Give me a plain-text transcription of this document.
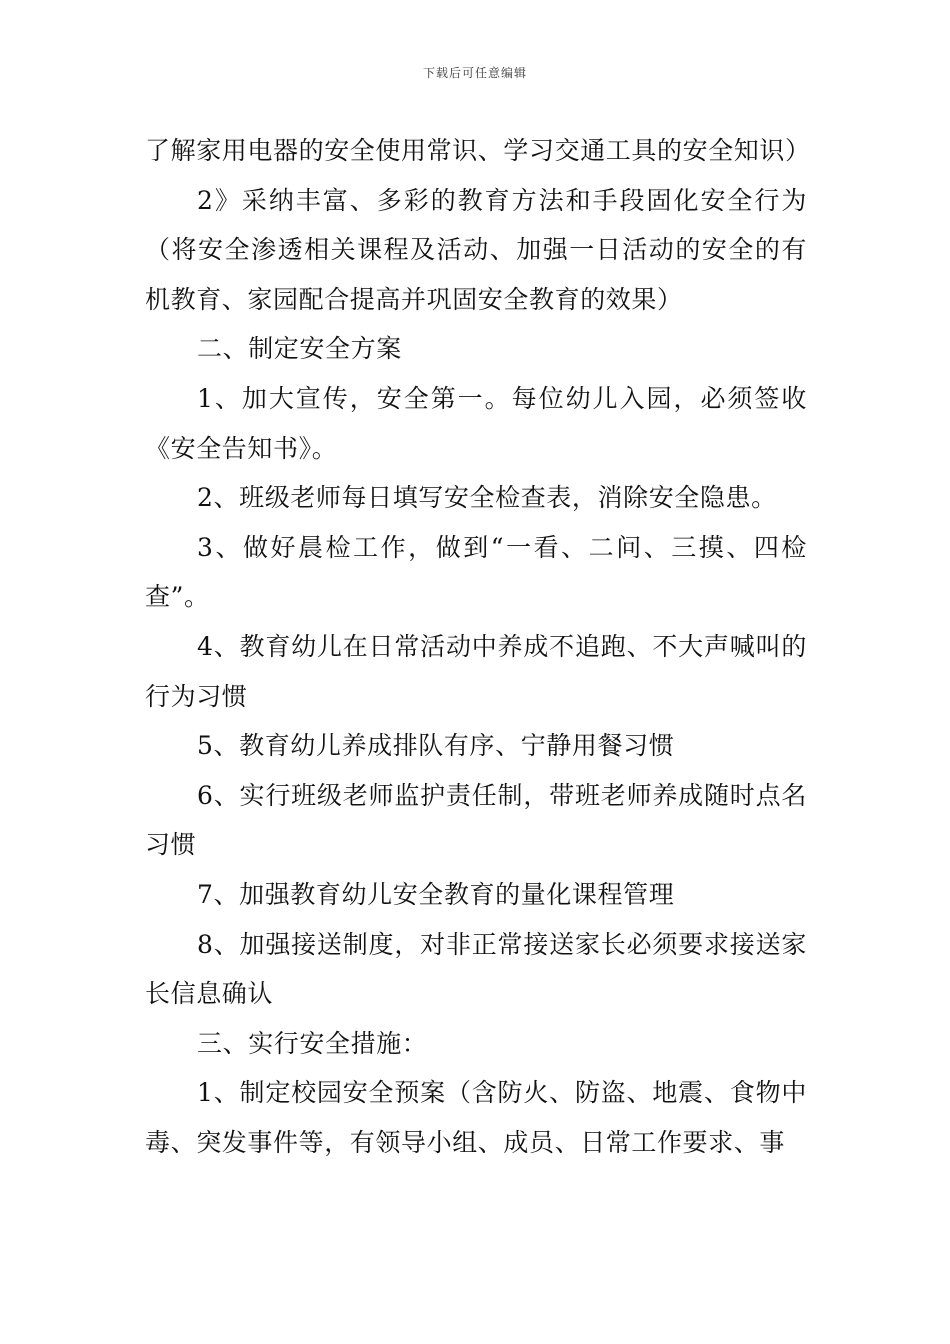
下载后可任意编辑

了解家用电器的安全使用常识、学习交通工具的安全知识）

2》采纳丰富、多彩的教育方法和手段固化安全行为（将安全渗透相关课程及活动、加强一日活动的安全的有机教育、家园配合提高并巩固安全教育的效果）

二、制定安全方案

1、加大宣传，安全第一。每位幼儿入园，必须签收《安全告知书》。

2、班级老师每日填写安全检查表，消除安全隐患。

3、做好晨检工作，做到“一看、二问、三摸、四检查”。

4、教育幼儿在日常活动中养成不追跑、不大声喊叫的行为习惯

5、教育幼儿养成排队有序、宁静用餐习惯

6、实行班级老师监护责任制，带班老师养成随时点名习惯

7、加强教育幼儿安全教育的量化课程管理

8、加强接送制度，对非正常接送家长必须要求接送家长信息确认

三、实行安全措施：

1、制定校园安全预案（含防火、防盗、地震、食物中毒、突发事件等，有领导小组、成员、日常工作要求、事
